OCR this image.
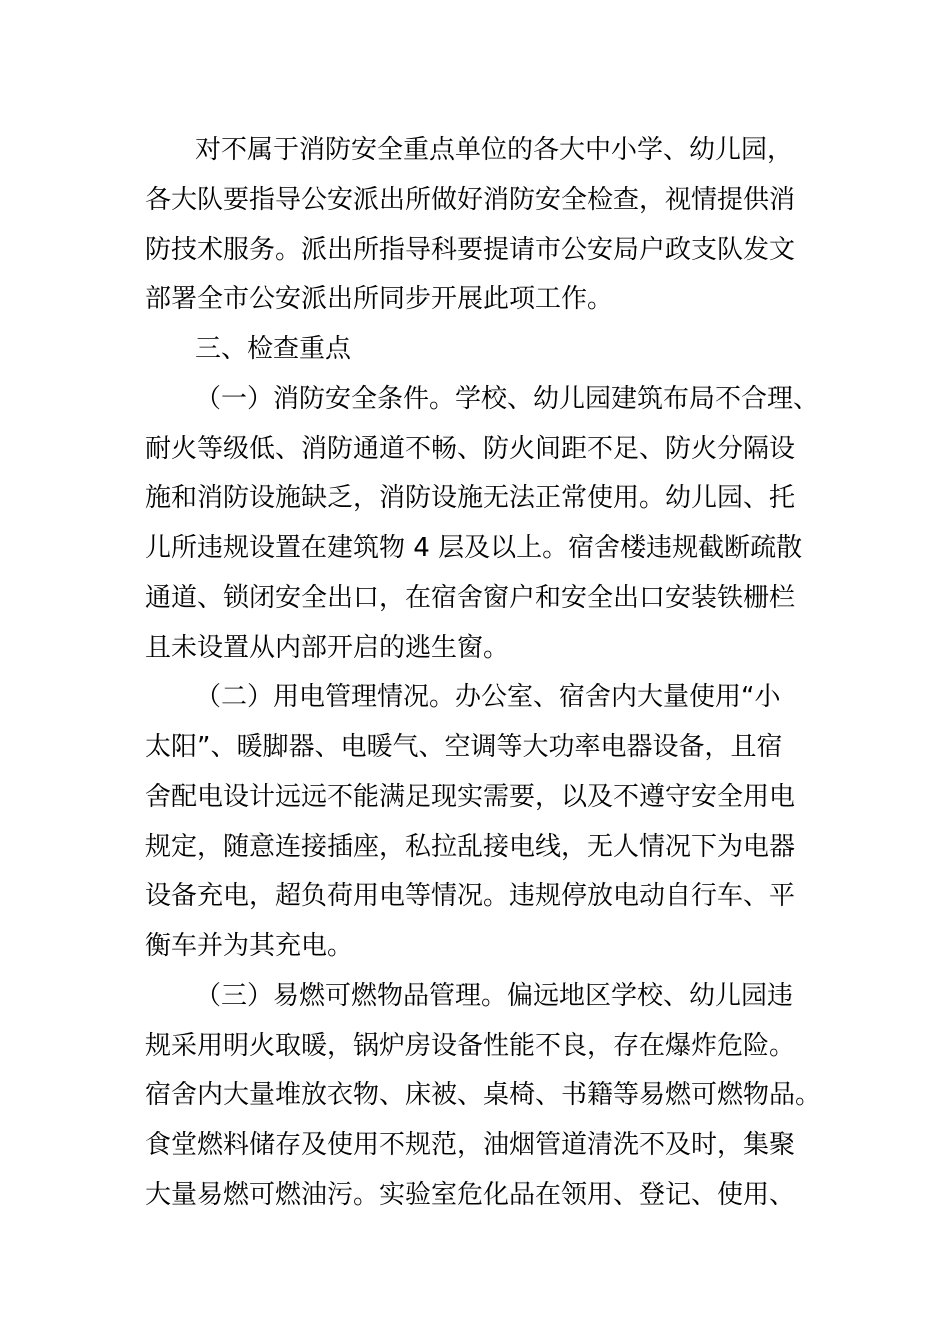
对不属于消防安全重点单位的各大中小学、幼儿园，
各大队要指导公安派出所做好消防安全检查，视情提供消
防技术服务。派出所指导科要提请市公安局户政支队发文
部署全市公安派出所同步开展此项工作。
三、检查重点
（一）消防安全条件。学校、幼儿园建筑布局不合理、
耐火等级低、消防通道不畅、防火间距不足、防火分隔设
施和消防设施缺乏，消防设施无法正常使用。幼儿园、托
儿所违规设置在建筑物 4 层及以上。宿舍楼违规截断疏散
通道、锁闭安全出口，在宿舍窗户和安全出口安装铁栅栏
且未设置从内部开启的逃生窗。
（二）用电管理情况。办公室、宿舍内大量使用“小
太阳”、暖脚器、电暖气、空调等大功率电器设备，且宿
舍配电设计远远不能满足现实需要，以及不遵守安全用电
规定，随意连接插座，私拉乱接电线，无人情况下为电器
设备充电，超负荷用电等情况。违规停放电动自行车、平
衡车并为其充电。
（三）易燃可燃物品管理。偏远地区学校、幼儿园违
规采用明火取暖，锅炉房设备性能不良，存在爆炸危险。
宿舍内大量堆放衣物、床被、桌椅、书籍等易燃可燃物品。
食堂燃料储存及使用不规范，油烟管道清洗不及时，集聚
大量易燃可燃油污。实验室危化品在领用、登记、使用、
